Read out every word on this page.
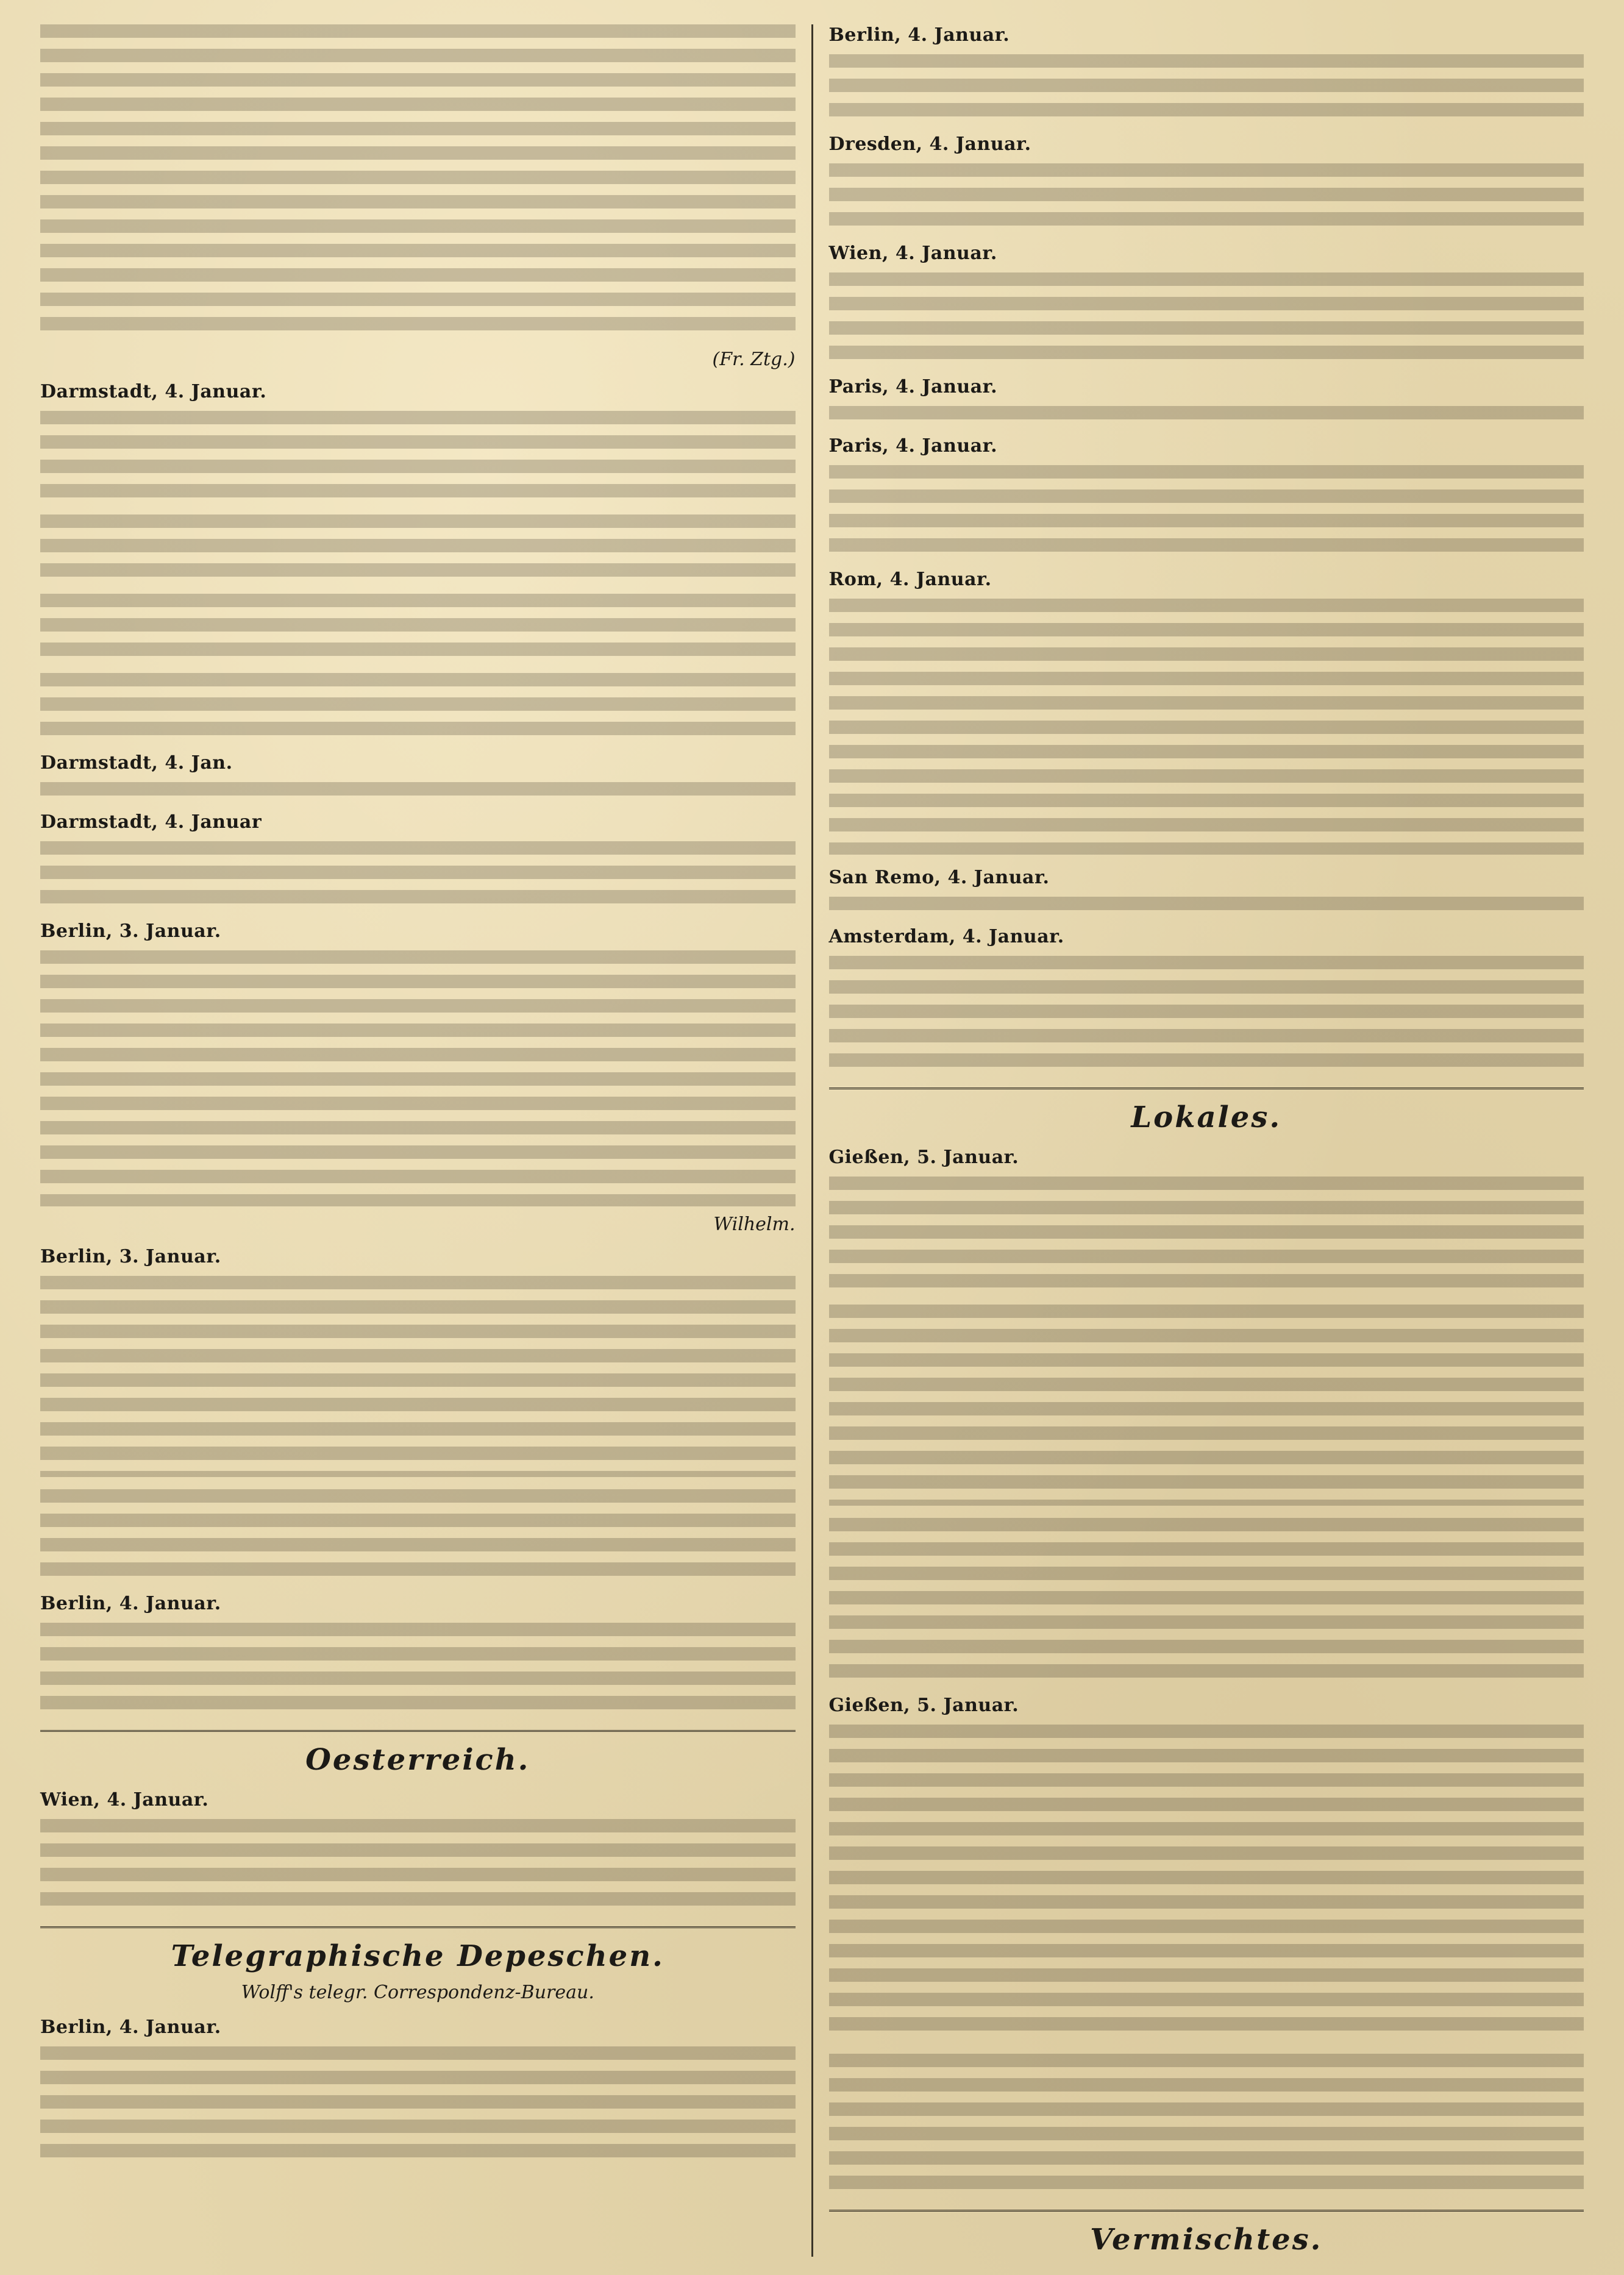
(Fr. Ztg.)
Darmstadt, 4. Januar.
Darmstadt, 4. Jan.
Darmstadt, 4. Januar
Berlin, 3. Januar.
Wilhelm.
Berlin, 3. Januar.
Berlin, 4. Januar.
Oesterreich.
Wien, 4. Januar.
Telegraphische Depeschen.
Wolff's telegr. Correspondenz-Bureau.
Berlin, 4. Januar.
Berlin, 4. Januar.
Dresden, 4. Januar.
Wien, 4. Januar.
Paris, 4. Januar.
Paris, 4. Januar.
Rom, 4. Januar.
San Remo, 4. Januar.
Amsterdam, 4. Januar.
Lokales.
Gießen, 5. Januar.
Gießen, 5. Januar.
Vermischtes.
